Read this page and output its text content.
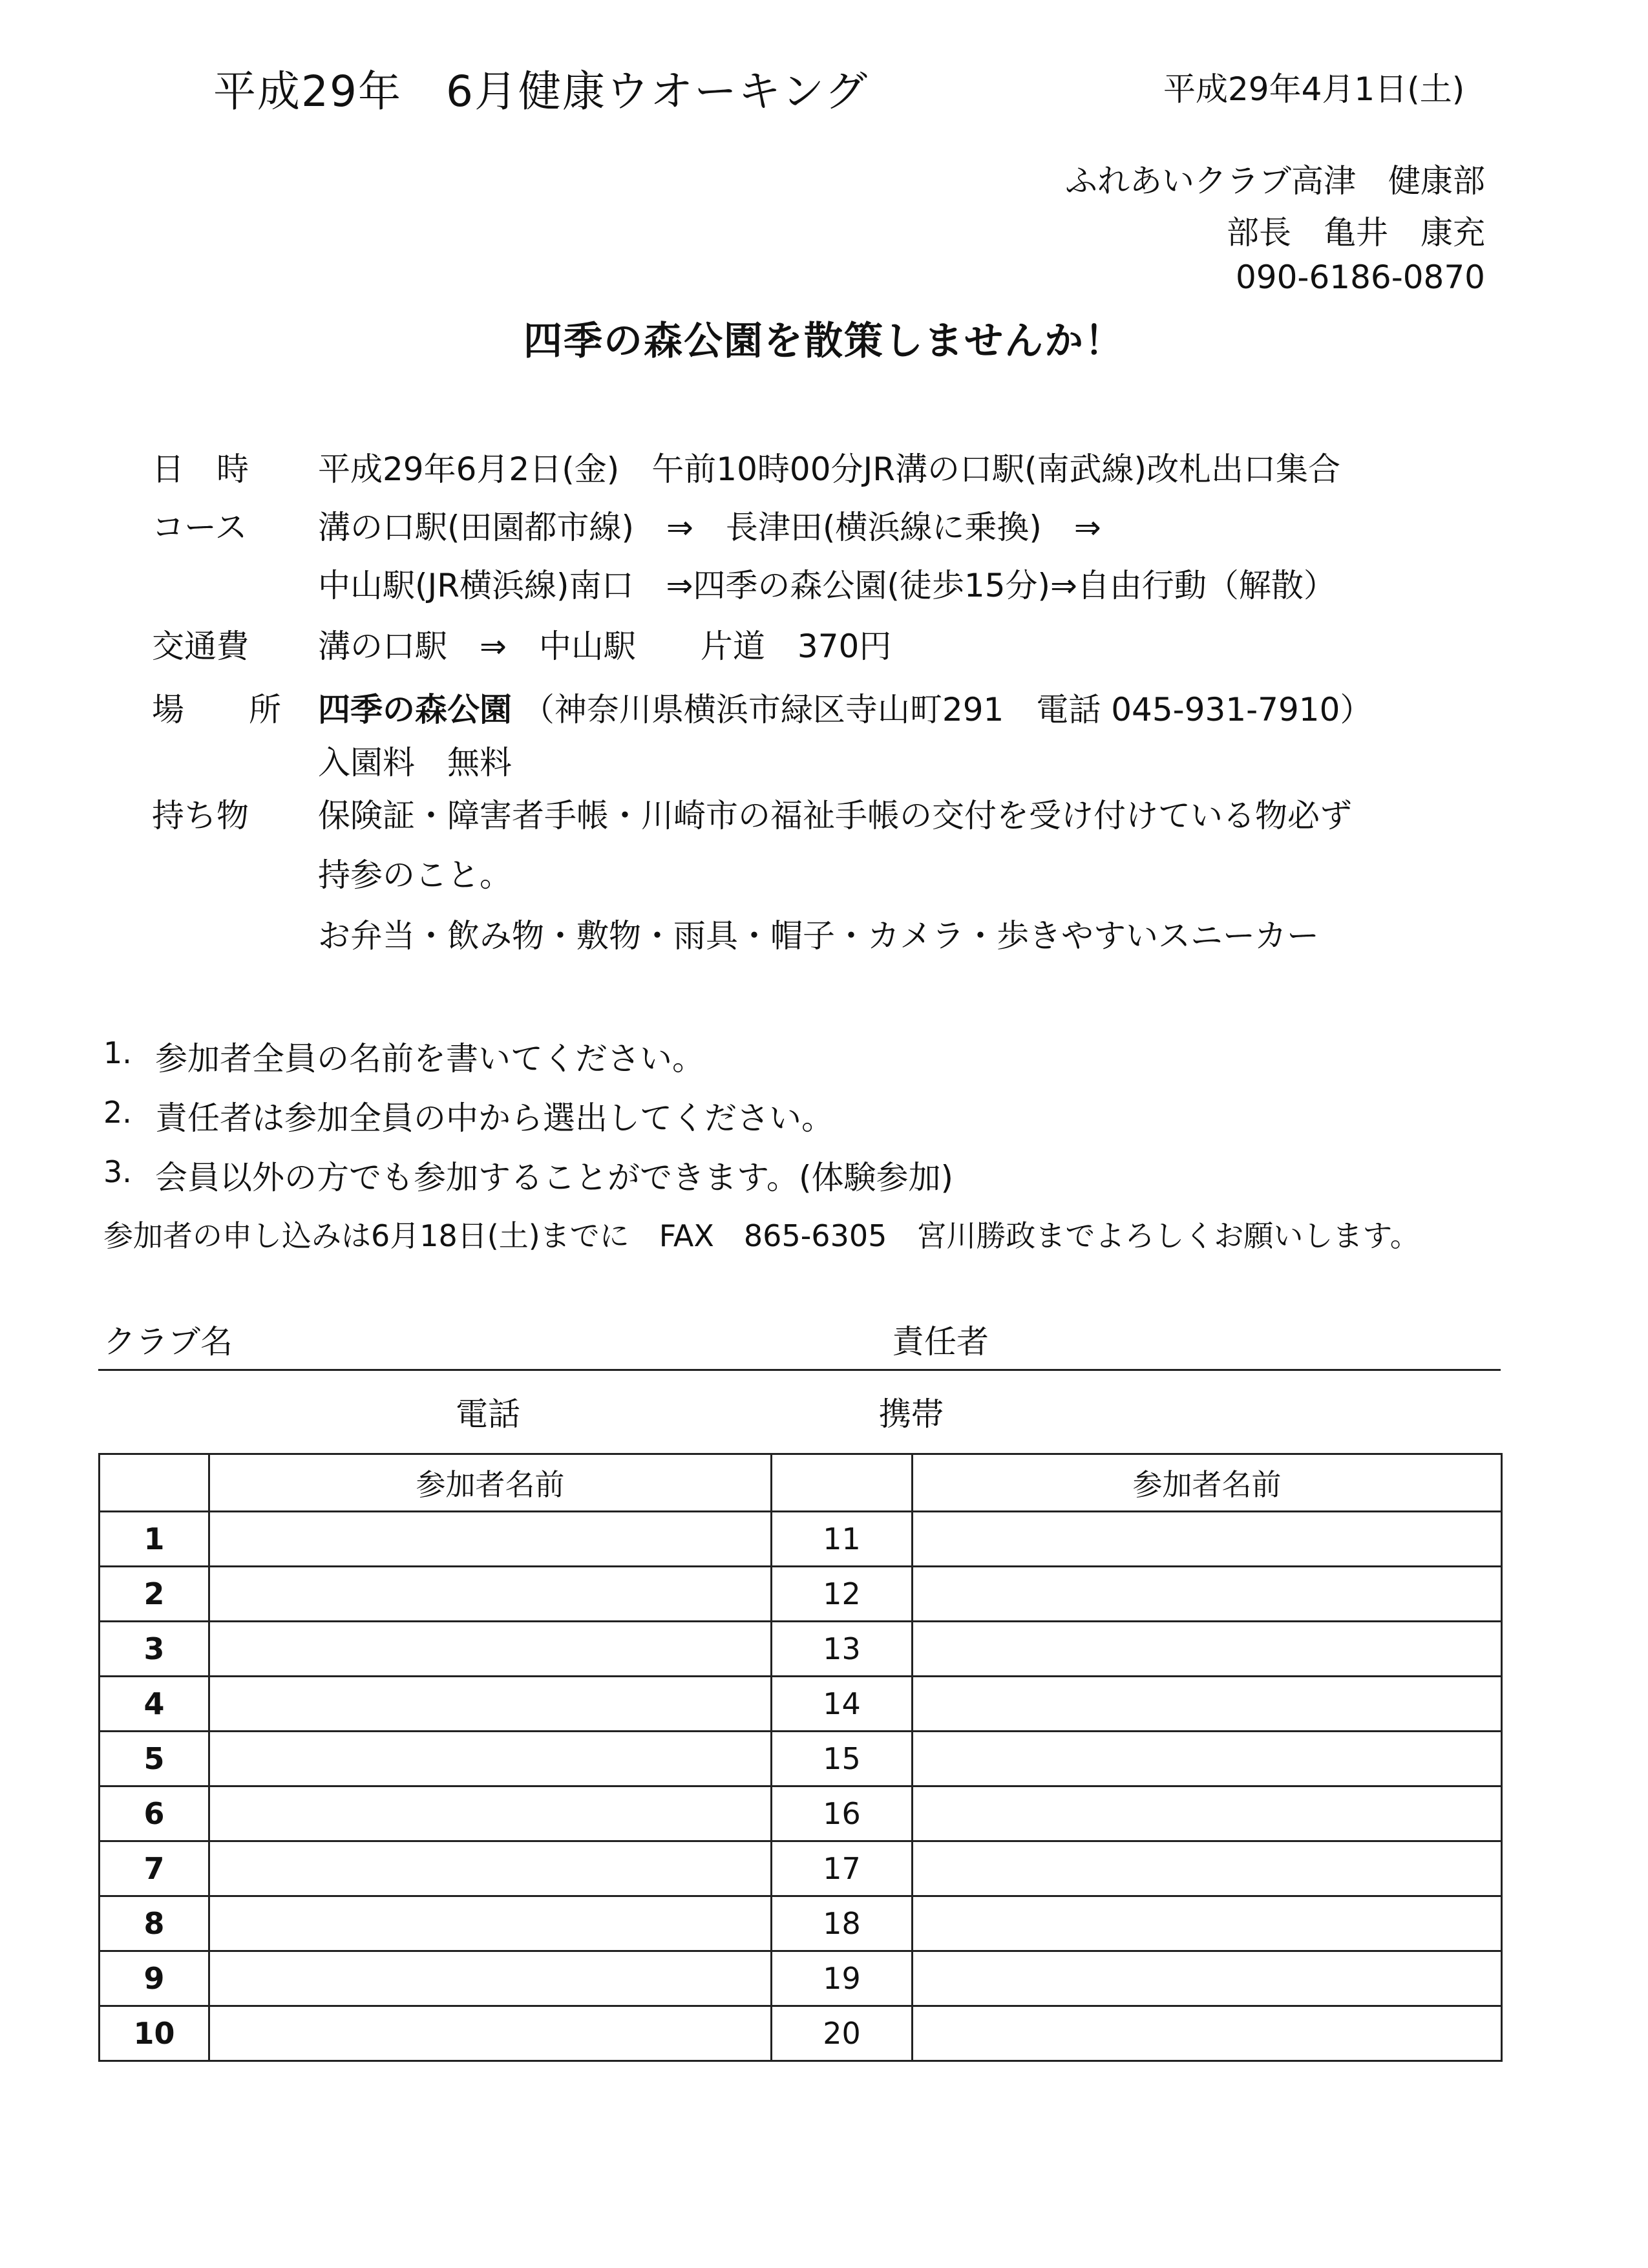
平成29年　6月健康ウオーキング	平成29年4月1日(土)
ふれあいクラブ高津　健康部
部長　亀井　康充
090-6186-0870
四季の森公園を散策しませんか！
日　時 平成29年6月2日(金)　午前10時00分JR溝の口駅(南武線)改札出口集合
コース 溝の口駅(田園都市線)　⇒　長津田(横浜線に乗換)　⇒
中山駅(JR横浜線)南口　⇒四季の森公園(徒歩15分)⇒自由行動（解散）
交通費 溝の口駅　⇒　中山駅　　片道　370円
場　　所 四季の森公園 （神奈川県横浜市緑区寺山町291　電話 045-931-7910）
入園料　無料
持ち物 保険証・障害者手帳・川崎市の福祉手帳の交付を受け付けている物必ず
持参のこと。
お弁当・飲み物・敷物・雨具・帽子・カメラ・歩きやすいスニーカー
1. 参加者全員の名前を書いてください。
2. 責任者は参加全員の中から選出してください。
3. 会員以外の方でも参加することができます。(体験参加)
参加者の申し込みは6月18日(土)までに　FAX　865-6305　宮川勝政までよろしくお願いします。
クラブ名	責任者
電話	携帯
	参加者名前		参加者名前
1		11	
2		12	
3		13	
4		14	
5		15	
6		16	
7		17	
8		18	
9		19	
10		20	
